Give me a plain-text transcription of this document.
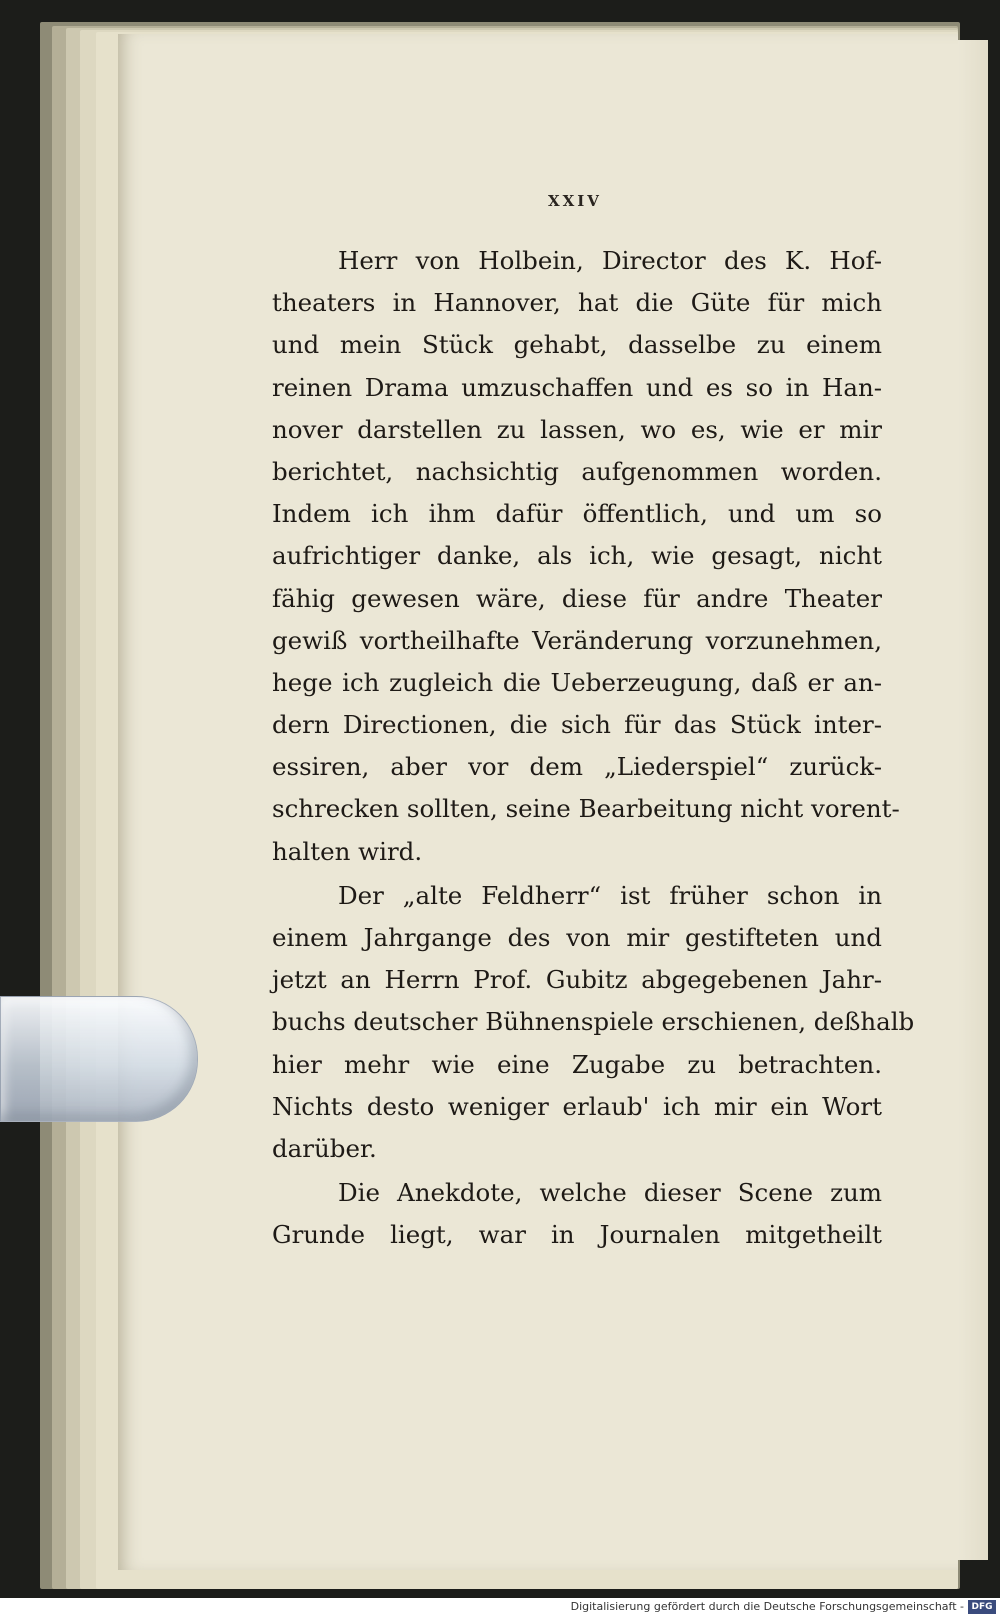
XXIV
Herr von Holbein, Director des K. Hof-
theaters in Hannover, hat die Güte für mich
und mein Stück gehabt, dasselbe zu einem
reinen Drama umzuschaffen und es so in Han-
nover darstellen zu lassen, wo es, wie er mir
berichtet, nachsichtig aufgenommen worden.
Indem ich ihm dafür öffentlich, und um so
aufrichtiger danke, als ich, wie gesagt, nicht
fähig gewesen wäre, diese für andre Theater
gewiß vortheilhafte Veränderung vorzunehmen,
hege ich zugleich die Ueberzeugung, daß er an-
dern Directionen, die sich für das Stück inter-
essiren, aber vor dem „Liederspiel“ zurück-
schrecken sollten, seine Bearbeitung nicht vorent-
halten wird.
Der „alte Feldherr“ ist früher schon in
einem Jahrgange des von mir gestifteten und
jetzt an Herrn Prof. Gubitz abgegebenen Jahr-
buchs deutscher Bühnenspiele erschienen, deßhalb
hier mehr wie eine Zugabe zu betrachten.
Nichts desto weniger erlaub' ich mir ein Wort
darüber.
Die Anekdote, welche dieser Scene zum
Grunde liegt, war in Journalen mitgetheilt
Digitalisierung gefördert durch die Deutsche Forschungsgemeinschaft - DFG
